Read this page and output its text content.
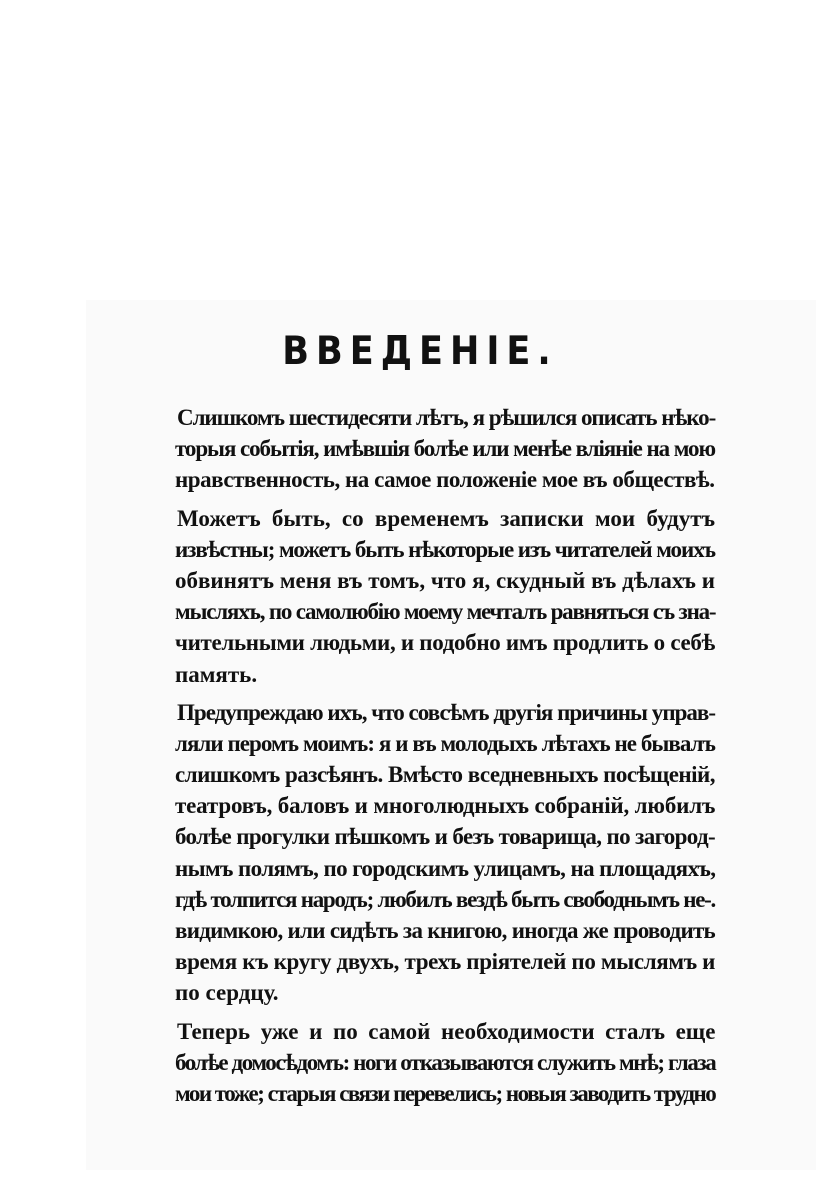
ВВЕДЕНІЕ.

Слишкомъ шестидесяти лѣтъ, я рѣшился описать нѣко-
торыя событія, имѣвшія болѣе или менѣе вліяніе на мою
нравственность, на самое положеніе мое въ обществѣ.

Можетъ быть, со временемъ записки мои будутъ
извѣстны; можетъ быть нѣкоторые изъ читателей моихъ
обвинятъ меня въ томъ, что я, скудный въ дѣлахъ и
мысляхъ, по самолюбію моему мечталъ равняться съ зна-
чительными людьми, и подобно имъ продлить о себѣ
память.

Предупреждаю ихъ, что совсѣмъ другія причины управ-
ляли перомъ моимъ: я и въ молодыхъ лѣтахъ не бывалъ
слишкомъ разсѣянъ. Вмѣсто вседневныхъ посѣщеній,
театровъ, баловъ и многолюдныхъ собраній, любилъ
болѣе прогулки пѣшкомъ и безъ товарища, по загород-
нымъ полямъ, по городскимъ улицамъ, на площадяхъ,
гдѣ толпится народъ; любилъ вездѣ быть свободнымъ не-.
видимкою, или сидѣть за книгою, иногда же проводить
время къ кругу двухъ, трехъ пріятелей по мыслямъ и
по сердцу.

Теперь уже и по самой необходимости сталъ еще
болѣе домосѣдомъ: ноги отказываются служить мнѣ; глаза
мои тоже; старыя связи перевелись; новыя заводить трудно
